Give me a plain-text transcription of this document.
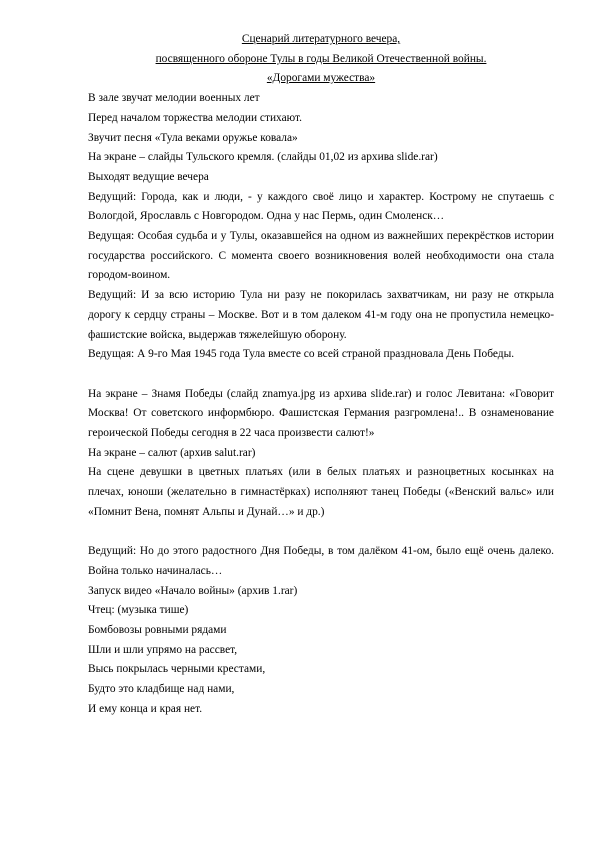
Сценарий литературного вечера,

посвященного обороне Тулы в годы Великой Отечественной войны.

«Дорогами мужества»

В зале звучат мелодии военных лет

Перед началом торжества мелодии стихают.

Звучит песня «Тула веками оружье ковала»

На экране – слайды Тульского кремля. (слайды 01,02 из архива slide.rar)

Выходят ведущие вечера

Ведущий: Города, как и люди, - у каждого своё лицо и характер. Кострому не спутаешь с Вологдой, Ярославль с Новгородом. Одна у нас Пермь, один Смоленск…

Ведущая: Особая судьба и у Тулы, оказавшейся на одном из важнейших перекрёстков истории государства российского. С момента своего возникновения волей необходимости она стала городом-воином.

Ведущий: И за всю историю Тула ни разу не покорилась захватчикам, ни разу не открыла дорогу к сердцу страны – Москве. Вот и в том далеком 41-м году она не пропустила немецко-фашистские войска, выдержав тяжелейшую оборону.

Ведущая: А 9-го Мая 1945 года Тула вместе со всей страной праздновала День Победы.

На экране – Знамя Победы (слайд znamya.jpg из архива slide.rar) и голос Левитана: «Говорит Москва! От советского информбюро. Фашистская Германия разгромлена!.. В ознаменование героической Победы сегодня в 22 часа произвести салют!»

На экране – салют (архив salut.rar)

На сцене девушки в цветных платьях (или в белых платьях и разноцветных косынках на плечах, юноши (желательно в гимнастёрках) исполняют танец Победы («Венский вальс» или «Помнит Вена, помнят Альпы и Дунай…» и др.)

Ведущий: Но до этого радостного Дня Победы, в том далёком 41-ом, было ещё очень далеко. Война только начиналась…

Запуск видео «Начало войны» (архив 1.rar)

Чтец: (музыка тише)

Бомбовозы ровными рядами

Шли и шли упрямо на рассвет,

Высь покрылась черными крестами,

Будто это кладбище над нами,

И ему конца и края нет.
